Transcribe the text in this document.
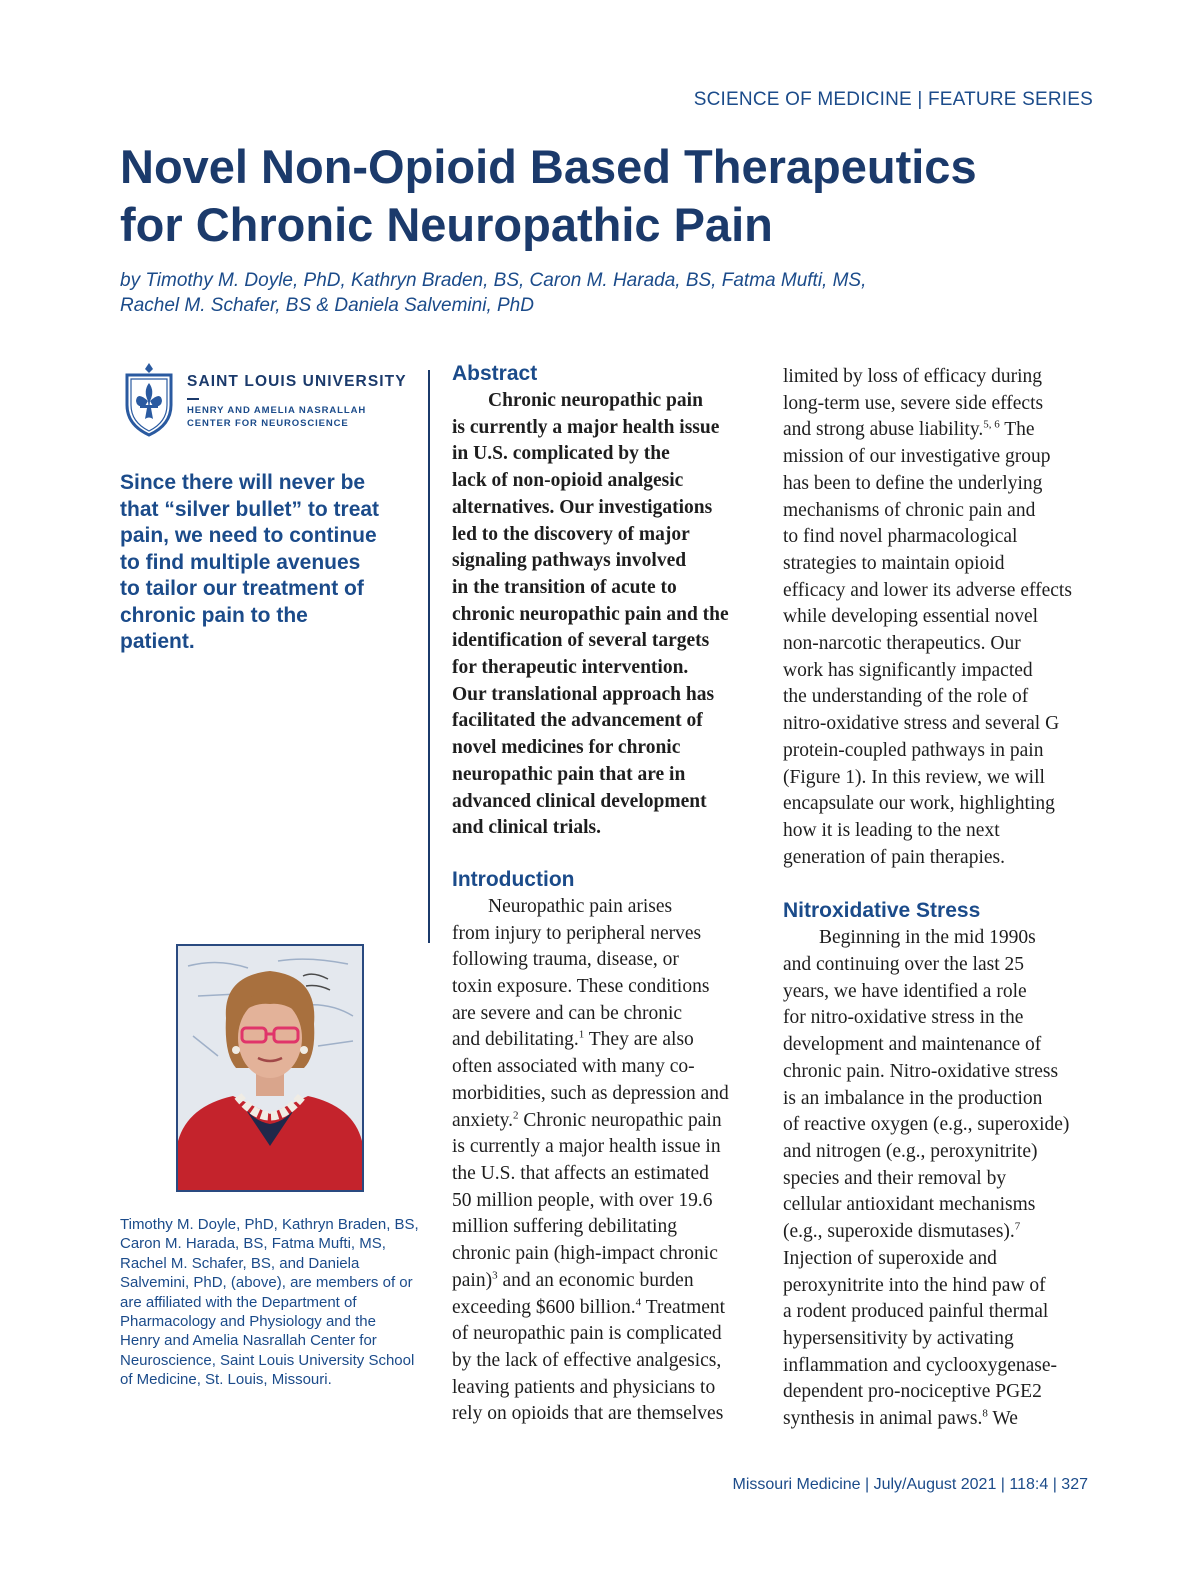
SCIENCE OF MEDICINE | FEATURE SERIES
Novel Non-Opioid Based Therapeutics
for Chronic Neuropathic Pain
by Timothy M. Doyle, PhD, Kathryn Braden, BS, Caron M. Harada, BS, Fatma Mufti, MS,
Rachel M. Schafer, BS & Daniela Salvemini, PhD
SAINT LOUIS UNIVERSITY
HENRY AND AMELIA NASRALLAH
CENTER FOR NEUROSCIENCE
Since there will never be that “silver bullet” to treat pain, we need to continue to find multiple avenues to tailor our treatment of chronic pain to the patient.
Timothy M. Doyle, PhD, Kathryn Braden, BS, Caron M. Harada, BS, Fatma Mufti, MS, Rachel M. Schafer, BS, and Daniela Salvemini, PhD, (above), are members of or are affiliated with the Department of Pharmacology and Physiology and the Henry and Amelia Nasrallah Center for Neuroscience, Saint Louis University School of Medicine, St. Louis, Missouri.
Abstract
Chronic neuropathic pain
is currently a major health issue
in U.S. complicated by the
lack of non-opioid analgesic
alternatives. Our investigations
led to the discovery of major
signaling pathways involved
in the transition of acute to
chronic neuropathic pain and the
identification of several targets
for therapeutic intervention.
Our translational approach has
facilitated the advancement of
novel medicines for chronic
neuropathic pain that are in
advanced clinical development
and clinical trials.
Introduction
Neuropathic pain arises
from injury to peripheral nerves
following trauma, disease, or
toxin exposure. These conditions
are severe and can be chronic
and debilitating.$^1$ They are also
often associated with many co-
morbidities, such as depression and
anxiety.$^2$ Chronic neuropathic pain
is currently a major health issue in
the U.S. that affects an estimated
50 million people, with over 19.6
million suffering debilitating
chronic pain (high-impact chronic
pain)$^3$ and an economic burden
exceeding $600 billion.$^4$ Treatment
of neuropathic pain is complicated
by the lack of effective analgesics,
leaving patients and physicians to
rely on opioids that are themselves
limited by loss of efficacy during
long-term use, severe side effects
and strong abuse liability.$^{5, 6}$ The
mission of our investigative group
has been to define the underlying
mechanisms of chronic pain and
to find novel pharmacological
strategies to maintain opioid
efficacy and lower its adverse effects
while developing essential novel
non-narcotic therapeutics. Our
work has significantly impacted
the understanding of the role of
nitro-oxidative stress and several G
protein-coupled pathways in pain
(Figure 1). In this review, we will
encapsulate our work, highlighting
how it is leading to the next
generation of pain therapies.
Nitroxidative Stress
Beginning in the mid 1990s
and continuing over the last 25
years, we have identified a role
for nitro-oxidative stress in the
development and maintenance of
chronic pain. Nitro-oxidative stress
is an imbalance in the production
of reactive oxygen (e.g., superoxide)
and nitrogen (e.g., peroxynitrite)
species and their removal by
cellular antioxidant mechanisms
(e.g., superoxide dismutases).$^7$
Injection of superoxide and
peroxynitrite into the hind paw of
a rodent produced painful thermal
hypersensitivity by activating
inflammation and cyclooxygenase-
dependent pro-nociceptive PGE2
synthesis in animal paws.$^8$ We
Missouri Medicine | July/August 2021 | 118:4 | 327
